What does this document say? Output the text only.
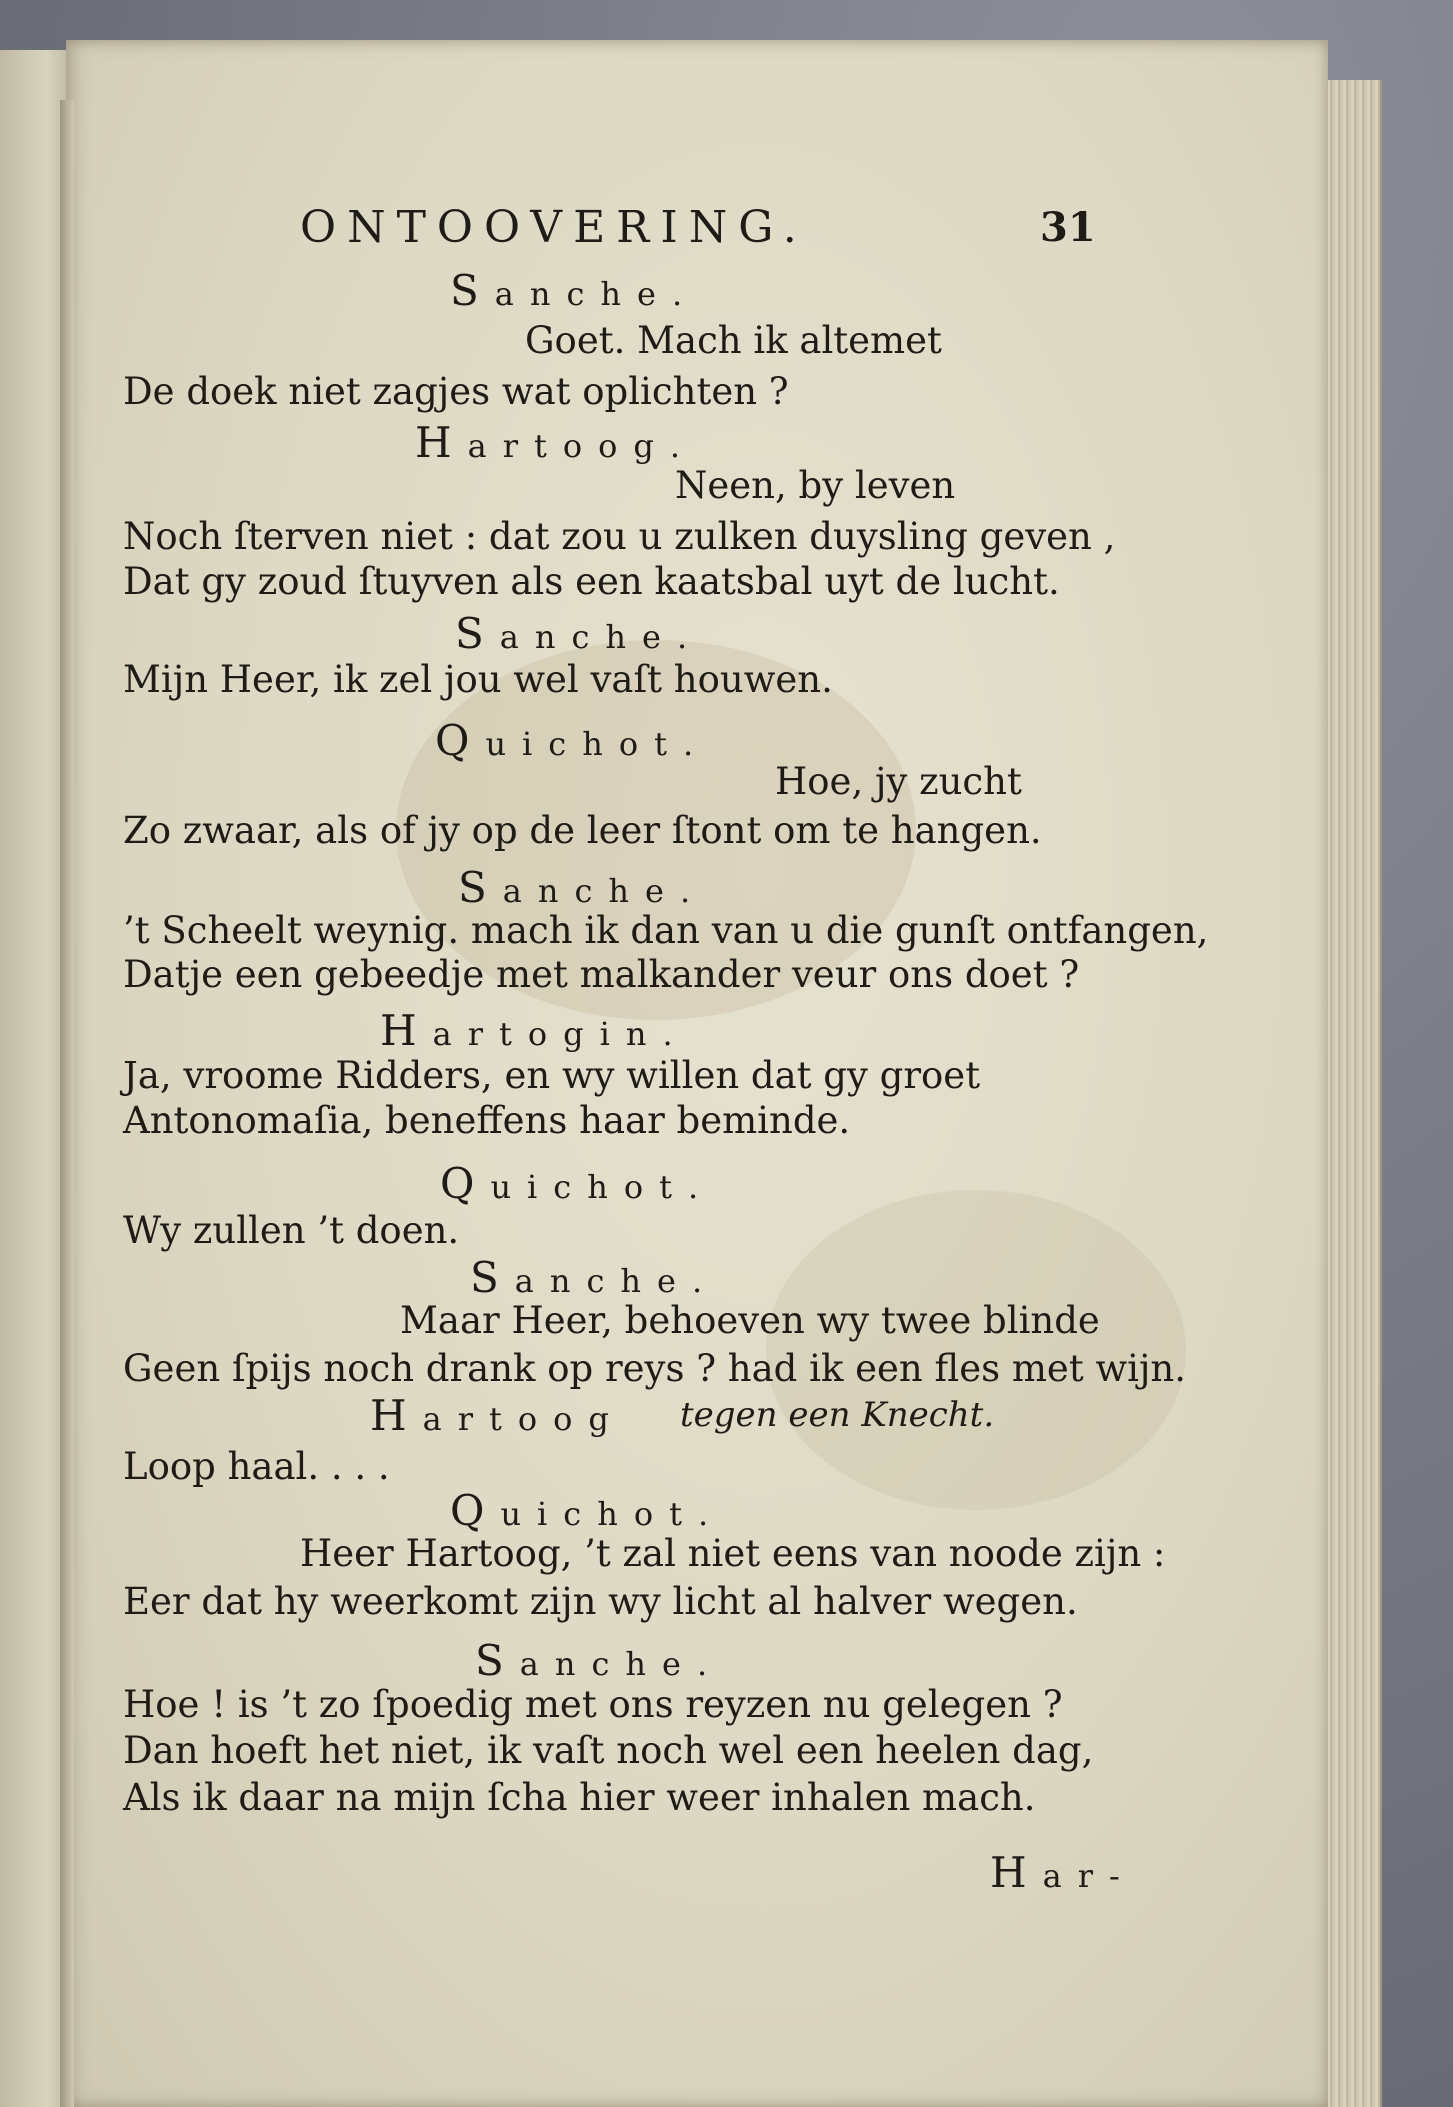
ONTOOVERING.	31
Sanche.
Goet. Mach ik altemet
De doek niet zagjes wat oplichten ?
Hartoog.
Neen, by leven
Noch ſterven niet : dat zou u zulken duysling geven ,
Dat gy zoud ſtuyven als een kaatsbal uyt de lucht.
Sanche.
Mijn Heer, ik zel jou wel vaſt houwen.
Quichot.
Hoe, jy zucht
Zo zwaar, als of jy op de leer ſtont om te hangen.
Sanche.
’t Scheelt weynig. mach ik dan van u die gunſt ontfangen,
Datje een gebeedje met malkander veur ons doet ?
Hartogin.
Ja, vroome Ridders, en wy willen dat gy groet
Antonomaſia, beneffens haar beminde.
Quichot.
Wy zullen ’t doen.
Sanche.
Maar Heer, behoeven wy twee blinde
Geen ſpijs noch drank op reys ? had ik een fles met wijn.
Hartoog tegen een Knecht.
Loop haal. . . .
Quichot.
Heer Hartoog, ’t zal niet eens van noode zijn :
Eer dat hy weerkomt zijn wy licht al halver wegen.
Sanche.
Hoe ! is ’t zo ſpoedig met ons reyzen nu gelegen ?
Dan hoeft het niet, ik vaſt noch wel een heelen dag,
Als ik daar na mijn ſcha hier weer inhalen mach.
Har-
